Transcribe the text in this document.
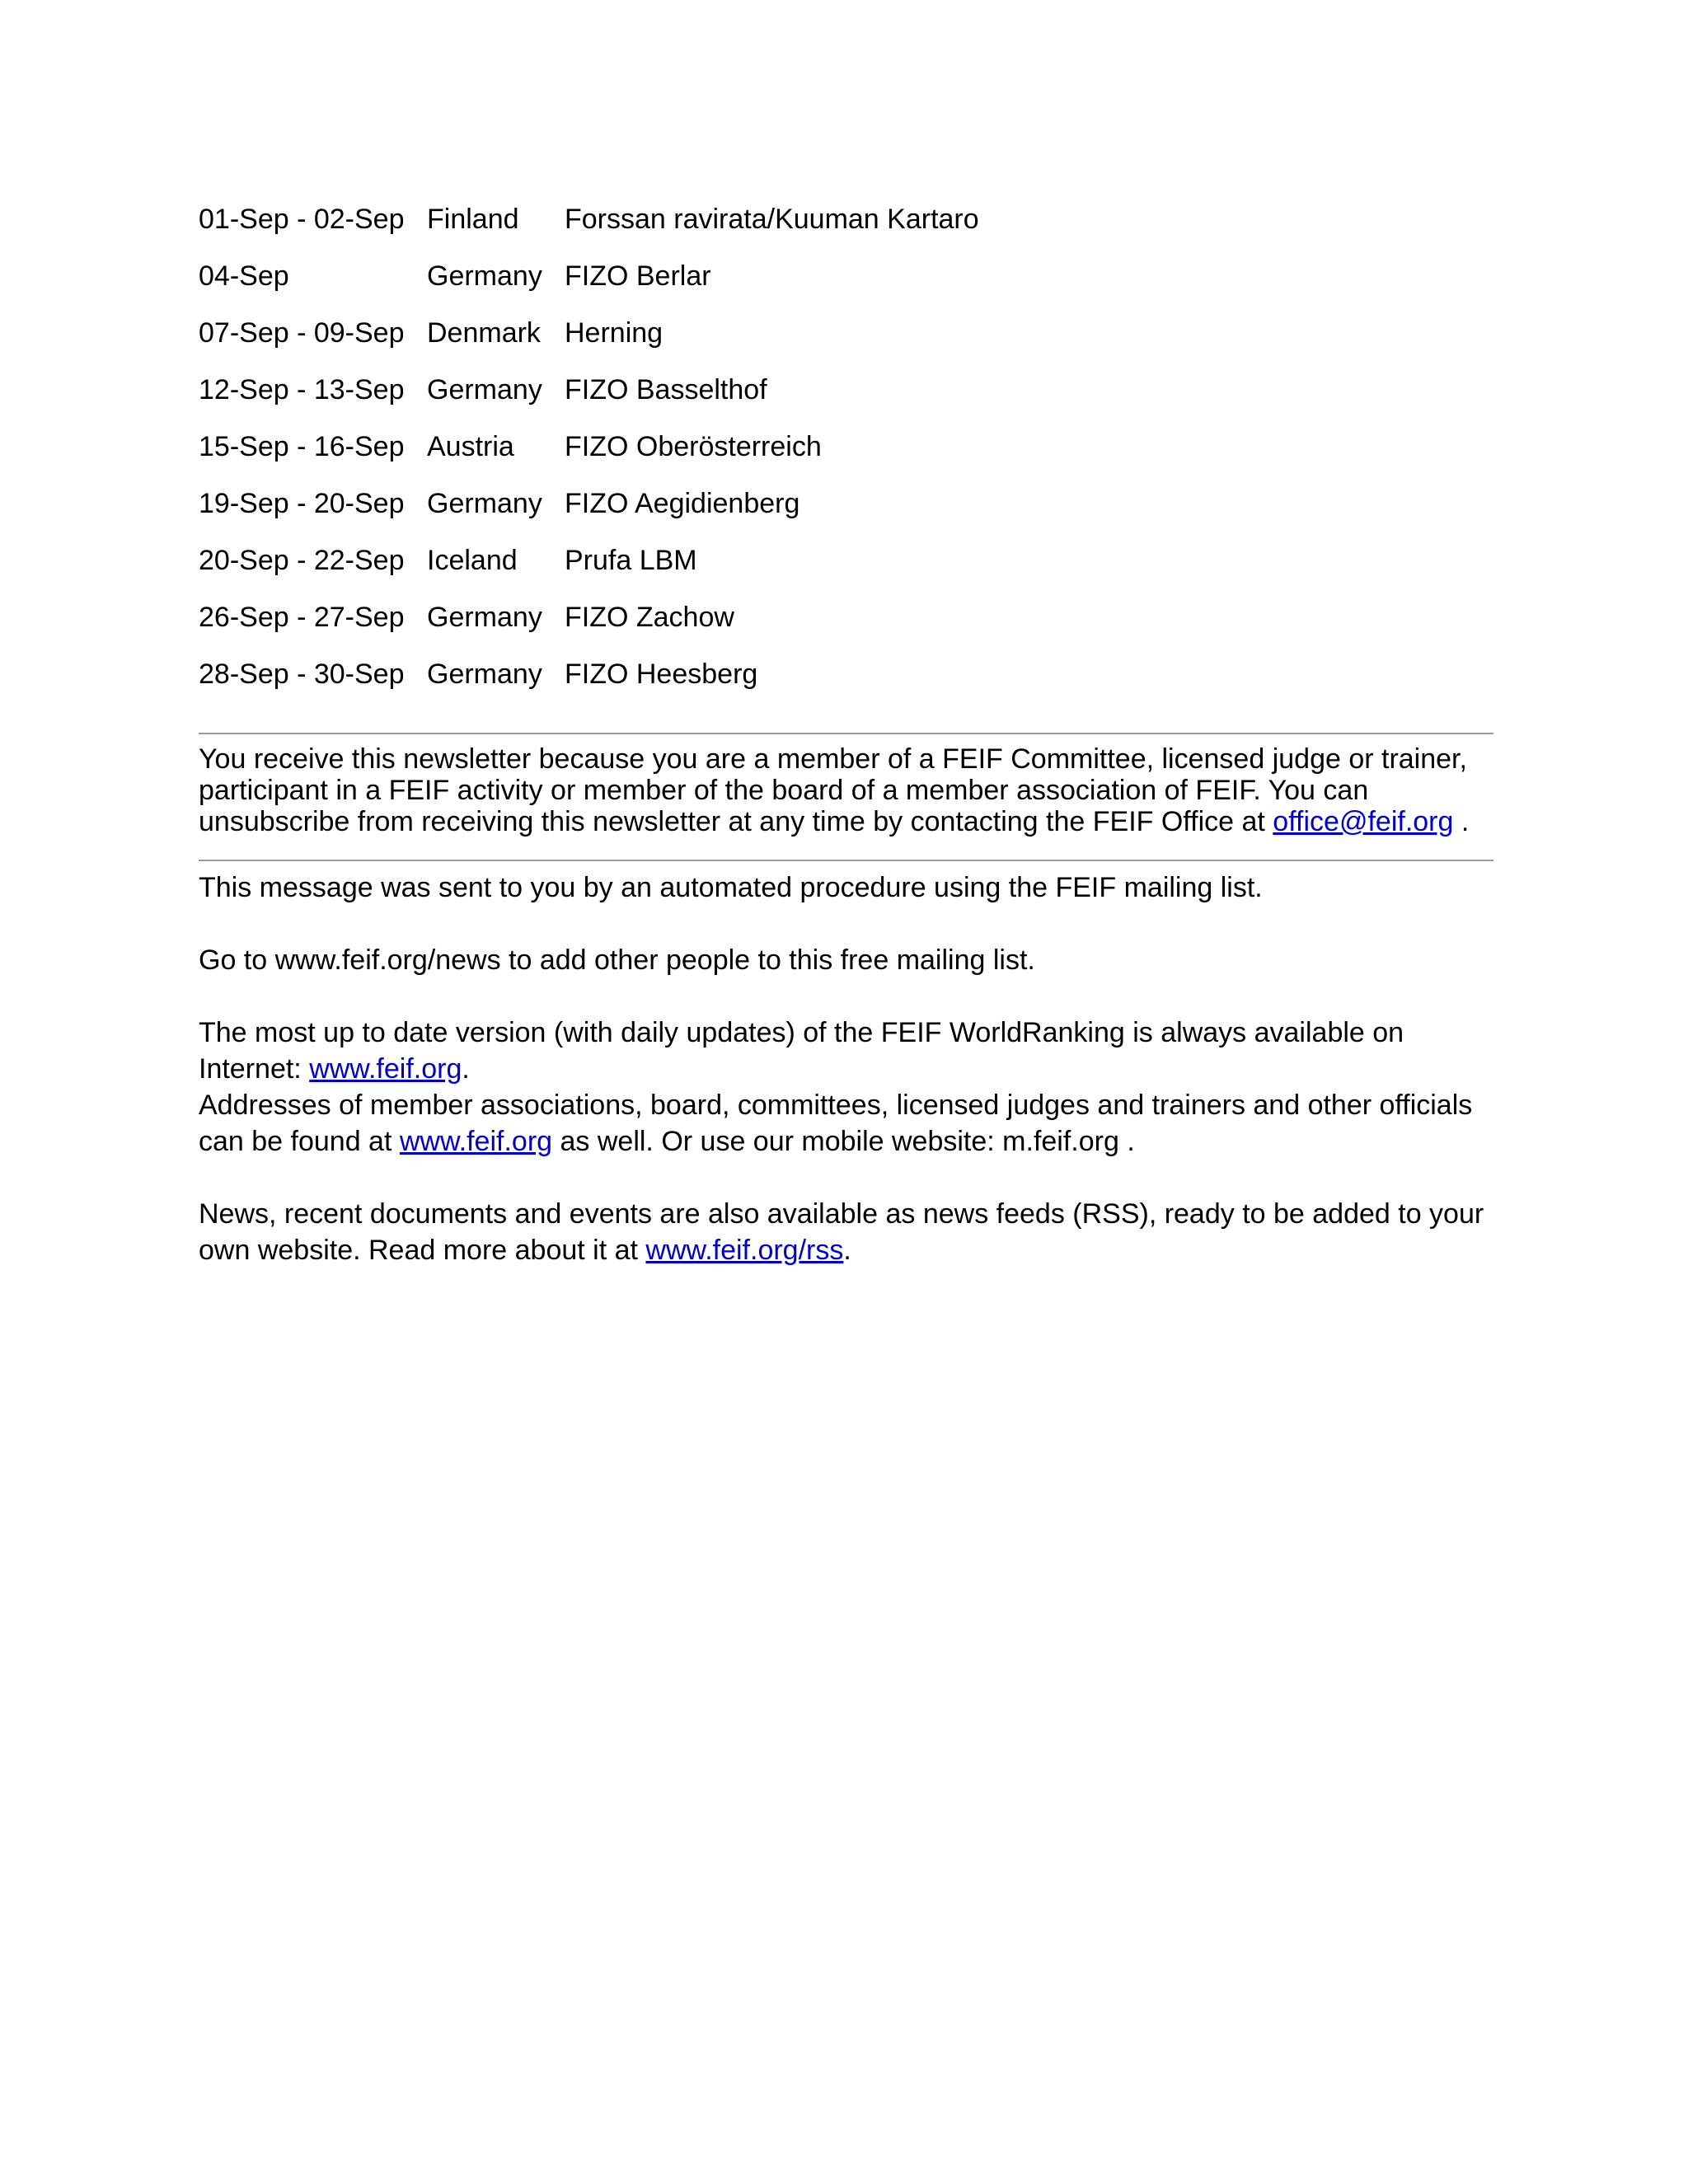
01-Sep - 02-Sep	Finland	Forssan ravirata/Kuuman Kartaro
04-Sep	Germany	FIZO Berlar
07-Sep - 09-Sep	Denmark	Herning
12-Sep - 13-Sep	Germany	FIZO Basselthof
15-Sep - 16-Sep	Austria	FIZO Oberösterreich
19-Sep - 20-Sep	Germany	FIZO Aegidienberg
20-Sep - 22-Sep	Iceland	Prufa LBM
26-Sep - 27-Sep	Germany	FIZO Zachow
28-Sep - 30-Sep	Germany	FIZO Heesberg

You receive this newsletter because you are a member of a FEIF Committee, licensed judge or trainer, participant in a FEIF activity or member of the board of a member association of FEIF. You can unsubscribe from receiving this newsletter at any time by contacting the FEIF Office at office@feif.org .

This message was sent to you by an automated procedure using the FEIF mailing list.

Go to www.feif.org/news to add other people to this free mailing list.

The most up to date version (with daily updates) of the FEIF WorldRanking is always available on Internet: www.feif.org.

Addresses of member associations, board, committees, licensed judges and trainers and other officials can be found at www.feif.org as well. Or use our mobile website: m.feif.org .

News, recent documents and events are also available as news feeds (RSS), ready to be added to your own website. Read more about it at www.feif.org/rss.
